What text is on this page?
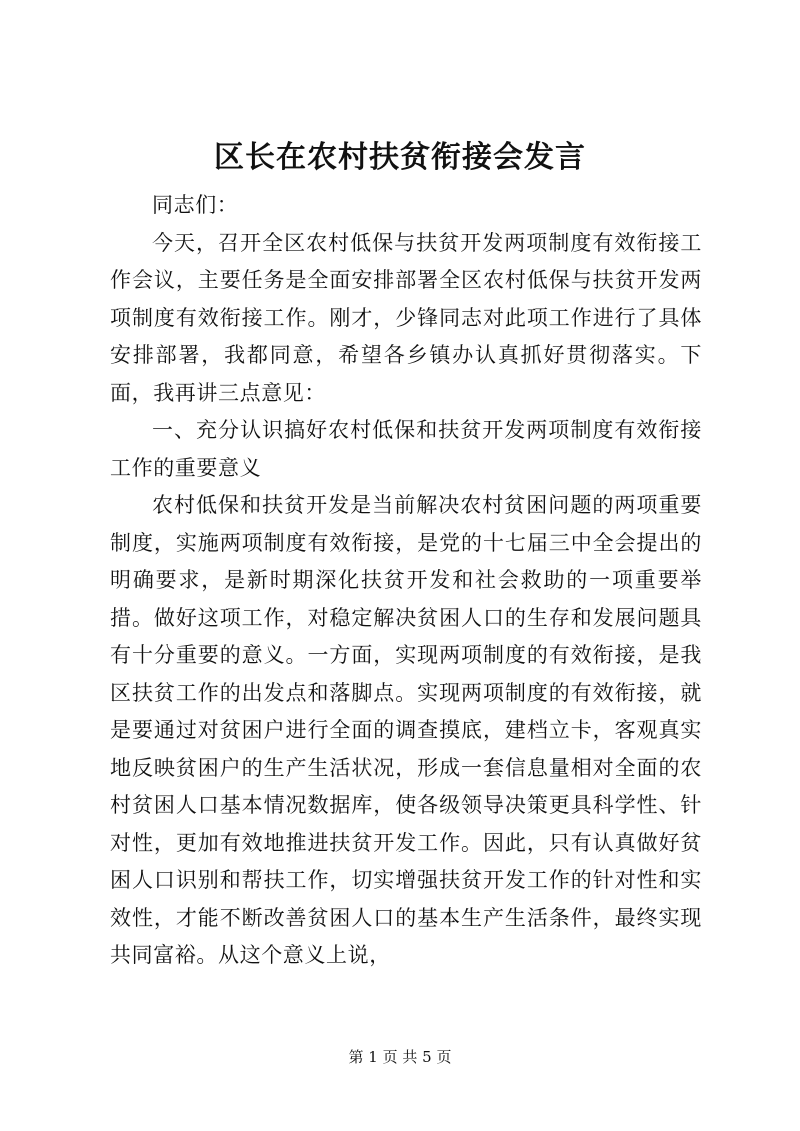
区长在农村扶贫衔接会发言

同志们：

今天，召开全区农村低保与扶贫开发两项制度有效衔接工作会议，主要任务是全面安排部署全区农村低保与扶贫开发两项制度有效衔接工作。刚才，少锋同志对此项工作进行了具体安排部署，我都同意，希望各乡镇办认真抓好贯彻落实。下面，我再讲三点意见：

一、充分认识搞好农村低保和扶贫开发两项制度有效衔接工作的重要意义

农村低保和扶贫开发是当前解决农村贫困问题的两项重要制度，实施两项制度有效衔接，是党的十七届三中全会提出的明确要求，是新时期深化扶贫开发和社会救助的一项重要举措。做好这项工作，对稳定解决贫困人口的生存和发展问题具有十分重要的意义。一方面，实现两项制度的有效衔接，是我区扶贫工作的出发点和落脚点。实现两项制度的有效衔接，就是要通过对贫困户进行全面的调查摸底，建档立卡，客观真实地反映贫困户的生产生活状况，形成一套信息量相对全面的农村贫困人口基本情况数据库，使各级领导决策更具科学性、针对性，更加有效地推进扶贫开发工作。因此，只有认真做好贫困人口识别和帮扶工作，切实增强扶贫开发工作的针对性和实效性，才能不断改善贫困人口的基本生产生活条件，最终实现共同富裕。从这个意义上说，

第 1 页 共 5 页
